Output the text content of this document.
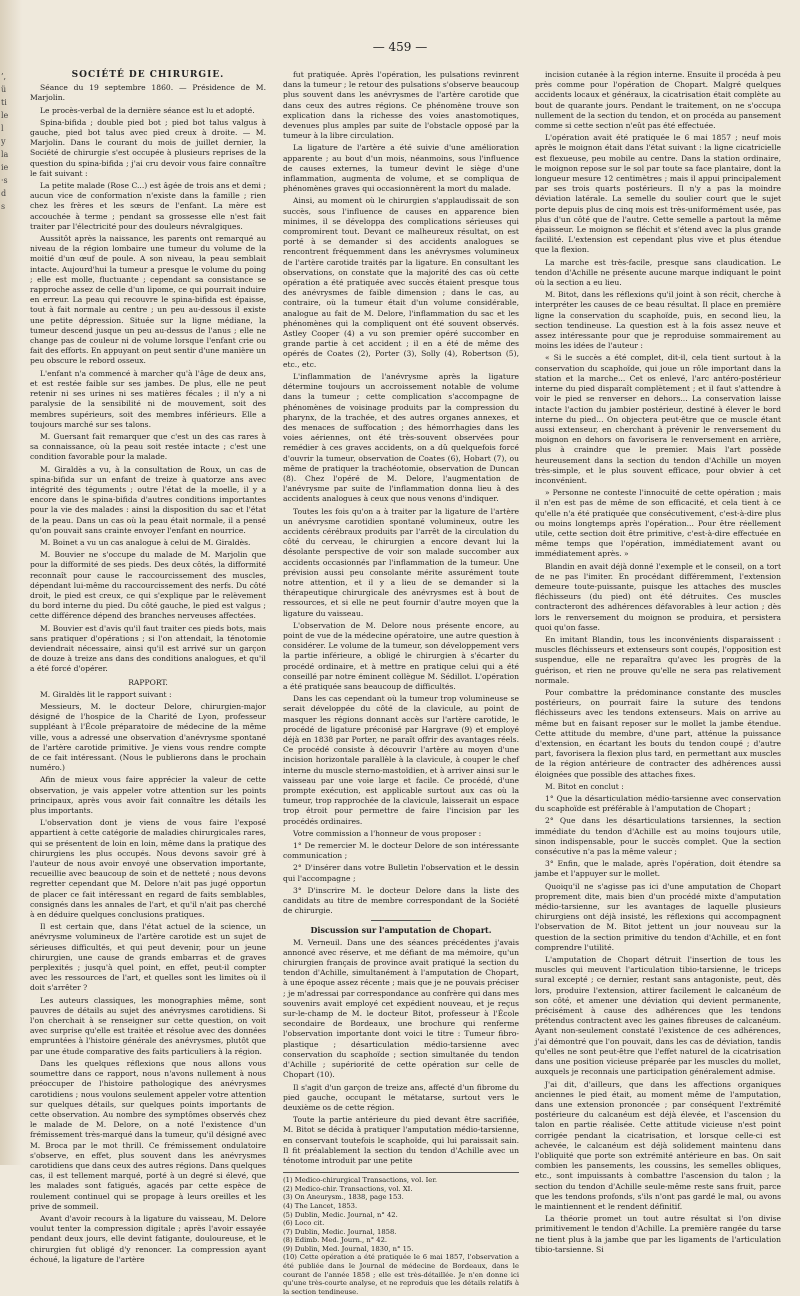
’,
ü
ti
le
l
y
la
ie
·s
d
s
— 459 —
SOCIÉTÉ DE CHIRURGIE.

Séance du 19 septembre 1860. — Présidence de M. Marjolin.

Le procès-verbal de la dernière séance est lu et adopté.

Spina-bifida ; double pied bot ; pied bot talus valgus à gauche, pied bot talus avec pied creux à droite. — M. Marjolin. Dans le courant du mois de juillet dernier, la Société de chirurgie s'est occupée à plusieurs reprises de la question du spina-bifida ; j'ai cru devoir vous faire connaître le fait suivant :

La petite malade (Rose C...) est âgée de trois ans et demi ; aucun vice de conformation n'existe dans la famille ; rien chez les frères et les sœurs de l'enfant. La mère est accouchée à terme ; pendant sa grossesse elle n'est fait traiter par l'électricité pour des douleurs névralgiques.

Aussitôt après la naissance, les parents ont remarqué au niveau de la région lombaire une tumeur du volume de la moitié d'un œuf de poule. A son niveau, la peau semblait intacte. Aujourd'hui la tumeur a presque le volume du poing ; elle est molle, fluctuante ; cependant sa consistance se rapproche assez de celle d'un lipome, ce qui pourrait induire en erreur. La peau qui recouvre le spina-bifida est épaisse, tout à fait normale au centre ; un peu au-dessous il existe une petite dépression. Située sur la ligne médiane, la tumeur descend jusque un peu au-dessus de l'anus ; elle ne change pas de couleur ni de volume lorsque l'enfant crie ou fait des efforts. En appuyant on peut sentir d'une manière un peu obscure le rebord osseux.

L'enfant n'a commencé à marcher qu'à l'âge de deux ans, et est restée faible sur ses jambes. De plus, elle ne peut retenir ni ses urines ni ses matières fécales ; il n'y a ni paralysie de la sensibilité ni de mouvement, soit des membres supérieurs, soit des membres inférieurs. Elle a toujours marché sur ses talons.

M. Guersant fait remarquer que c'est un des cas rares à sa connaissance, où la peau soit restée intacte ; c'est une condition favorable pour la malade.

M. Giraldès a vu, à la consultation de Roux, un cas de spina-bifida sur un enfant de treize à quatorze ans avec intégrité des téguments ; outre l'état de la moelle, il y a encore dans le spina-bifida d'autres conditions importantes pour la vie des malades : ainsi la disposition du sac et l'état de la peau. Dans un cas où la peau était normale, il a pensé qu'on pouvait sans crainte envoyer l'enfant en nourrice.

M. Boinet a vu un cas analogue à celui de M. Giraldès.

M. Bouvier ne s'occupe du malade de M. Marjolin que pour la difformité de ses pieds. Des deux côtés, la difformité reconnaît pour cause le raccourcissement des muscles, dépendant lui-même du raccourcissement des nerfs. Du côté droit, le pied est creux, ce qui s'explique par le relèvement du bord interne du pied. Du côté gauche, le pied est valgus ; cette différence dépend des branches nerveuses affectées.

M. Bouvier est d'avis qu'il faut traiter ces pieds bots, mais sans pratiquer d'opérations ; si l'on attendait, la ténotomie deviendrait nécessaire, ainsi qu'il est arrivé sur un garçon de douze à treize ans dans des conditions analogues, et qu'il a été forcé d'opérer.

RAPPORT.

M. Giraldès lit le rapport suivant :

Messieurs, M. le docteur Delore, chirurgien-major désigné de l'hospice de la Charité de Lyon, professeur suppléant à l'École préparatoire de médecine de la même ville, vous a adressé une observation d'anévrysme spontané de l'artère carotide primitive. Je viens vous rendre compte de ce fait intéressant. (Nous le publierons dans le prochain numéro.)

Afin de mieux vous faire apprécier la valeur de cette observation, je vais appeler votre attention sur les points principaux, après vous avoir fait connaître les détails les plus importants.

L'observation dont je viens de vous faire l'exposé appartient à cette catégorie de maladies chirurgicales rares, qui se présentent de loin en loin, même dans la pratique des chirurgiens les plus occupés. Nous devons savoir gré à l'auteur de nous avoir envoyé une observation importante, recueillie avec beaucoup de soin et de netteté ; nous devons regretter cependant que M. Delore n'ait pas jugé opportun de placer ce fait intéressant en regard de faits semblables, consignés dans les annales de l'art, et qu'il n'ait pas cherché à en déduire quelques conclusions pratiques.

Il est certain que, dans l'état actuel de la science, un anévrysme volumineux de l'artère carotide est un sujet de sérieuses difficultés, et qui peut devenir, pour un jeune chirurgien, une cause de grands embarras et de graves perplexités ; jusqu'à quel point, en effet, peut-il compter avec les ressources de l'art, et quelles sont les limites où il doit s'arrêter ?

Les auteurs classiques, les monographies même, sont pauvres de détails au sujet des anévrysmes carotidiens. Si l'on cherchait à se renseigner sur cette question, on voit avec surprise qu'elle est traitée et résolue avec des données empruntées à l'histoire générale des anévrysmes, plutôt que par une étude comparative des faits particuliers à la région.

Dans les quelques réflexions que nous allons vous soumettre dans ce rapport, nous n'avons nullement à nous préoccuper de l'histoire pathologique des anévrysmes carotidiens ; nous voulons seulement appeler votre attention sur quelques détails, sur quelques points importants de cette observation. Au nombre des symptômes observés chez le malade de M. Delore, on a noté l'existence d'un frémissement très-marqué dans la tumeur, qu'il désigné avec M. Broca par le mot thrill. Ce frémissement ondulatoire s'observe, en effet, plus souvent dans les anévrysmes carotidiens que dans ceux des autres régions. Dans quelques cas, il est tellement marqué, porté à un degré si élevé, que les malades sont fatigués, agacés par cette espèce de roulement continuel qui se propage à leurs oreilles et les prive de sommeil.

Avant d'avoir recours à la ligature du vaisseau, M. Delore voulut tenter la compression digitale ; après l'avoir essayée pendant deux jours, elle devint fatigante, douloureuse, et le chirurgien fut obligé d'y renoncer. La compression ayant échoué, la ligature de l'artère

fut pratiquée. Après l'opération, les pulsations revinrent dans la tumeur ; le retour des pulsations s'observe beaucoup plus souvent dans les anévrysmes de l'artère carotide que dans ceux des autres régions. Ce phénomène trouve son explication dans la richesse des voies anastomotiques, devenues plus amples par suite de l'obstacle opposé par la tumeur à la libre circulation.

La ligature de l'artère a été suivie d'une amélioration apparente ; au bout d'un mois, néanmoins, sous l'influence de causes externes, la tumeur devint le siège d'une inflammation, augmenta de volume, et se compliqua de phénomènes graves qui occasionnèrent la mort du malade.

Ainsi, au moment où le chirurgien s'applaudissait de son succès, sous l'influence de causes en apparence bien minimes, il se développa des complications sérieuses qui compromirent tout. Devant ce malheureux résultat, on est porté à se demander si des accidents analogues se rencontrent fréquemment dans les anévrysmes volumineux de l'artère carotide traités par la ligature. En consultant les observations, on constate que la majorité des cas où cette opération a été pratiquée avec succès étaient presque tous des anévrysmes de faible dimension ; dans le cas, au contraire, où la tumeur était d'un volume considérable, analogue au fait de M. Delore, l'inflammation du sac et les phénomènes qui la compliquent ont été souvent observés. Astley Cooper (4) a vu son premier opéré succomber en grande partie à cet accident ; il en a été de même des opérés de Coates (2), Porter (3), Solly (4), Robertson (5), etc., etc.

L'inflammation de l'anévrysme après la ligature détermine toujours un accroissement notable de volume dans la tumeur ; cette complication s'accompagne de phénomènes de voisinage produits par la compression du pharynx, de la trachée, et des autres organes annexes, et des menaces de suffocation ; des hémorrhagies dans les voies aériennes, ont été très-souvent observées pour remédier à ces graves accidents, on a dû quelquefois forcé d'ouvrir la tumeur, observation de Coates (6), Hobart (7), ou même de pratiquer la trachéotomie, observation de Duncan (8). Chez l'opéré de M. Delore, l'augmentation de l'anévrysme par suite de l'inflammation donna lieu à des accidents analogues à ceux que nous venons d'indiquer.

Toutes les fois qu'on a à traiter par la ligature de l'artère un anévrysme carotidien spontané volumineux, outre les accidents cérébraux produits par l'arrêt de la circulation du côté du cerveau, le chirurgien a encore devant lui la désolante perspective de voir son malade succomber aux accidents occasionnés par l'inflammation de la tumeur. Une prévision aussi peu consolante mérite assurément toute notre attention, et il y a lieu de se demander si la thérapeutique chirurgicale des anévrysmes est à bout de ressources, et si elle ne peut fournir d'autre moyen que la ligature du vaisseau.

L'observation de M. Delore nous présente encore, au point de vue de la médecine opératoire, une autre question à considérer. Le volume de la tumeur, son développement vers la partie inférieure, a obligé le chirurgien à s'écarter du procédé ordinaire, et à mettre en pratique celui qui a été conseillé par notre éminent collègue M. Sédillot. L'opération a été pratiquée sans beaucoup de difficultés.

Dans les cas cependant où la tumeur trop volumineuse se serait développée du côté de la clavicule, au point de masquer les régions donnant accès sur l'artère carotide, le procédé de ligature préconisé par Hargrave (9) et employé déjà en 1838 par Porter, ne paraît offrir des avantages réels. Ce procédé consiste à découvrir l'artère au moyen d'une incision horizontale parallèle à la clavicule, à couper le chef interne du muscle sterno-mastoïdien, et à arriver ainsi sur le vaisseau par une voie large et facile. Ce procédé, d'une prompte exécution, est applicable surtout aux cas où la tumeur, trop rapprochée de la clavicule, laisserait un espace trop étroit pour permettre de faire l'incision par les procédés ordinaires.

Votre commission a l'honneur de vous proposer :

1° De remercier M. le docteur Delore de son intéressante communication ;

2° D'insérer dans votre Bulletin l'observation et le dessin qui l'accompagne ;

3° D'inscrire M. le docteur Delore dans la liste des candidats au titre de membre correspondant de la Société de chirurgie.

Discussion sur l'amputation de Chopart.

M. Verneuil. Dans une des séances précédentes j'avais annoncé avec réserve, et me défiant de ma mémoire, qu'un chirurgien français de province avait pratiqué la section du tendon d'Achille, simultanément à l'amputation de Chopart, à une époque assez récente ; mais que je ne pouvais préciser ; je m'adressai par correspondance au confrère qui dans mes souvenirs avait employé cet expédient nouveau, et je reçus sur-le-champ de M. le docteur Bitot, professeur à l'École secondaire de Bordeaux, une brochure qui renferme l'observation importante dont voici le titre : Tumeur fibro-plastique ; désarticulation médio-tarsienne avec conservation du scaphoïde ; section simultanée du tendon d'Achille ; supériorité de cette opération sur celle de Chopart (10).

Il s'agit d'un garçon de treize ans, affecté d'un fibrome du pied gauche, occupant le métatarse, surtout vers le deuxième os de cette région.

Toute la partie antérieure du pied devant être sacrifiée, M. Bitot se décida à pratiquer l'amputation médio-tarsienne, en conservant toutefois le scaphoïde, qui lui paraissait sain. Il fit préalablement la section du tendon d'Achille avec un ténotome introduit par une petite

(1) Medico-chirurgical Transactions, vol. Ier.
(2) Medico-chir. Transactions, vol. XI.
(3) On Aneurysm., 1838, page 153.
(4) The Lancet, 1853.
(5) Dublin, Medic. Journal, n° 42.
(6) Loco cit.
(7) Dublin, Medic. Journal, 1858.
(8) Edimb. Med. Journ., n° 42.
(9) Dublin, Med. Journal, 1830, n° 15.
(10) Cette opération a été pratiquée le 6 mai 1857, l'observation a été publiée dans le Journal de médecine de Bordeaux, dans le courant de l'année 1858 ; elle est très-détaillée. Je n'en donne ici qu'une très-courte analyse, et ne reproduis que les détails relatifs à la section tendineuse.

incision cutanée à la région interne. Ensuite il procéda à peu près comme pour l'opération de Chopart. Malgré quelques accidents locaux et généraux, la cicatrisation était complète au bout de quarante jours. Pendant le traitement, on ne s'occupa nullement de la section du tendon, et on procéda au pansement comme si cette section n'eût pas été effectuée.

L'opération avait été pratiquée le 6 mai 1857 ; neuf mois après le moignon était dans l'état suivant : la ligne cicatricielle est flexueuse, peu mobile au centre. Dans la station ordinaire, le moignon repose sur le sol par toute sa face plantaire, dont la longueur mesure 12 centimètres ; mais il appui principalement par ses trois quarts postérieurs. Il n'y a pas la moindre déviation latérale. La semelle du soulier court que le sujet porte depuis plus de cinq mois est très-uniformément usée, pas plus d'un côté que de l'autre. Cette semelle a partout la même épaisseur. Le moignon se fléchit et s'étend avec la plus grande facilité. L'extension est cependant plus vive et plus étendue que la flexion.

La marche est très-facile, presque sans claudication. Le tendon d'Achille ne présente aucune marque indiquant le point où la section a eu lieu.

M. Bitot, dans les réflexions qu'il joint à son récit, cherche à interpréter les causes de ce beau résultat. Il place en première ligne la conservation du scaphoïde, puis, en second lieu, la section tendineuse. La question est à la fois assez neuve et assez intéressante pour que je reproduise sommairement au moins les idées de l'auteur :

« Si le succès a été complet, dit-il, cela tient surtout à la conservation du scaphoïde, qui joue un rôle important dans la station et la marche... Cet os enlevé, l'arc antéro-postérieur interne du pied disparaît complètement ; et il faut s'attendre à voir le pied se renverser en dehors... La conservation laisse intacte l'action du jambier postérieur, destiné à élever le bord interne du pied... On objectera peut-être que ce muscle étant aussi extenseur, en cherchant à prévenir le renversement du moignon en dehors on favorisera le renversement en arrière, plus à craindre que le premier. Mais l'art possède heureusement dans la section du tendon d'Achille un moyen très-simple, et le plus souvent efficace, pour obvier à cet inconvénient.

» Personne ne conteste l'innocuité de cette opération ; mais il n'en est pas de même de son efficacité, et cela tient à ce qu'elle n'a été pratiquée que consécutivement, c'est-à-dire plus ou moins longtemps après l'opération... Pour être réellement utile, cette section doit être primitive, c'est-à-dire effectuée en même temps que l'opération, immédiatement avant ou immédiatement après. »

Blandin en avait déjà donné l'exemple et le conseil, on a tort de ne pas l'imiter. En procédant différemment, l'extension demeure toute-puissante, puisque les attaches des muscles fléchisseurs (du pied) ont été détruites. Ces muscles contracteront des adhérences défavorables à leur action ; dès lors le renversement du moignon se produira, et persistera quoi qu'on fasse.

En imitant Blandin, tous les inconvénients disparaissent : muscles fléchisseurs et extenseurs sont coupés, l'opposition est suspendue, elle ne reparaîtra qu'avec les progrès de la guérison, et rien ne prouve qu'elle ne sera pas relativement normale.

Pour combattre la prédominance constante des muscles postérieurs, on pourrait faire la suture des tendons fléchisseurs avec les tendons extenseurs. Mais on arrive au même but en faisant reposer sur le mollet la jambe étendue. Cette attitude du membre, d'une part, atténue la puissance d'extension, en écartant les bouts du tendon coupé ; d'autre part, favorisera la flexion plus tard, en permettant aux muscles de la région antérieure de contracter des adhérences aussi éloignées que possible des attaches fixes.

M. Bitot en conclut :

1° Que la désarticulation médio-tarsienne avec conservation du scaphoïde est préférable à l'amputation de Chopart ;

2° Que dans les désarticulations tarsiennes, la section immédiate du tendon d'Achille est au moins toujours utile, sinon indispensable, pour le succès complet. Que la section consécutive n'a pas la même valeur ;

3° Enfin, que le malade, après l'opération, doit étendre sa jambe et l'appuyer sur le mollet.

Quoiqu'il ne s'agisse pas ici d'une amputation de Chopart proprement dite, mais bien d'un procédé mixte d'amputation médio-tarsienne, sur les avantages de laquelle plusieurs chirurgiens ont déjà insisté, les réflexions qui accompagnent l'observation de M. Bitot jettent un jour nouveau sur la question de la section primitive du tendon d'Achille, et en font comprendre l'utilité.

L'amputation de Chopart détruit l'insertion de tous les muscles qui meuvent l'articulation tibio-tarsienne, le triceps sural excepté ; ce dernier, restant sans antagoniste, peut, dès lors, produire l'extension, attirer facilement le calcanéum de son côté, et amener une déviation qui devient permanente, précisément à cause des adhérences que les tendons prétendus contractent avec les gaines fibreuses de calcanéum. Ayant non-seulement constaté l'existence de ces adhérences, j'ai démontré que l'on pouvait, dans les cas de déviation, tandis qu'elles ne sont peut-être que l'effet naturel de la cicatrisation dans une position vicieuse préparée par les muscles du mollet, auxquels je reconnais une participation généralement admise.

J'ai dit, d'ailleurs, que dans les affections organiques anciennes le pied était, au moment même de l'amputation, dans une extension prononcée ; par conséquent l'extrémité postérieure du calcanéum est déjà élevée, et l'ascension du talon en partie réalisée. Cette attitude vicieuse n'est point corrigée pendant la cicatrisation, et lorsque celle-ci est achevée, le calcanéum est déjà solidement maintenu dans l'obliquité que porte son extrémité antérieure en bas. On sait combien les pansements, les coussins, les semelles obliques, etc., sont impuissants à combattre l'ascension du talon ; la section du tendon d'Achille seule-même reste sans fruit, parce que les tendons profonds, s'ils n'ont pas gardé le mal, ou avons le maintiennent et le rendent définitif.

La théorie promet un tout autre résultat si l'on divise primitivement le tendon d'Achille. La première rangée du tarse ne tient plus à la jambe que par les ligaments de l'articulation tibio-tarsienne. Si
